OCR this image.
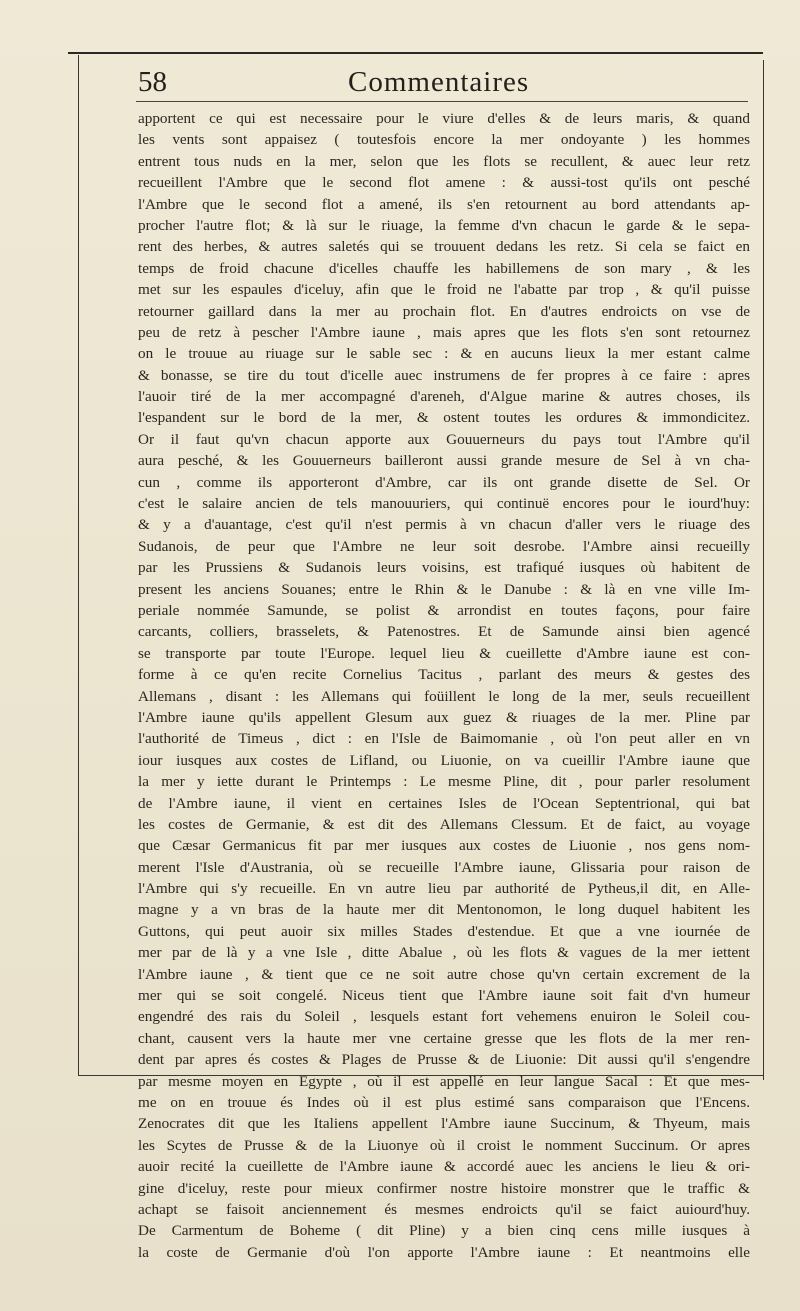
58	Commentaires
apportent ce qui est necessaire pour le viure d'elles & de leurs maris, & quand
les vents sont appaisez ( toutesfois encore la mer ondoyante ) les hommes
entrent tous nuds en la mer, selon que les flots se recullent, & auec leur retz
recueillent l'Ambre que le second flot amene : & aussi-tost qu'ils ont pesché
l'Ambre que le second flot a amené, ils s'en retournent au bord attendants ap-
procher l'autre flot; & là sur le riuage, la femme d'vn chacun le garde & le sepa-
rent des herbes, & autres saletés qui se trouuent dedans les retz. Si cela se faict en
temps de froid chacune d'icelles chauffe les habillemens de son mary , & les
met sur les espaules d'iceluy, afin que le froid ne l'abatte par trop , & qu'il puisse
retourner gaillard dans la mer au prochain flot. En d'autres endroicts on vse de
peu de retz à pescher l'Ambre iaune , mais apres que les flots s'en sont retournez
on le trouue au riuage sur le sable sec : & en aucuns lieux la mer estant calme
& bonasse, se tire du tout d'icelle auec instrumens de fer propres à ce faire : apres
l'auoir tiré de la mer accompagné d'areneh, d'Algue marine & autres choses, ils
l'espandent sur le bord de la mer, & ostent toutes les ordures & immondicitez.
Or il faut qu'vn chacun apporte aux Gouuerneurs du pays tout l'Ambre qu'il
aura pesché, & les Gouuerneurs bailleront aussi grande mesure de Sel à vn cha-
cun , comme ils apporteront d'Ambre, car ils ont grande disette de Sel. Or
c'est le salaire ancien de tels manouuriers, qui continuë encores pour le iourd'huy:
& y a d'auantage, c'est qu'il n'est permis à vn chacun d'aller vers le riuage des
Sudanois, de peur que l'Ambre ne leur soit desrobe. l'Ambre ainsi recueilly
par les Prussiens & Sudanois leurs voisins, est trafiqué iusques où habitent de
present les anciens Souanes; entre le Rhin & le Danube : & là en vne ville Im-
periale nommée Samunde, se polist & arrondist en toutes façons, pour faire
carcants, colliers, brasselets, & Patenostres. Et de Samunde ainsi bien agencé
se transporte par toute l'Europe. lequel lieu & cueillette d'Ambre iaune est con-
forme à ce qu'en recite Cornelius Tacitus , parlant des meurs & gestes des
Allemans , disant : les Allemans qui foüillent le long de la mer, seuls recueillent
l'Ambre iaune qu'ils appellent Glesum aux guez & riuages de la mer. Pline par
l'authorité de Timeus , dict : en l'Isle de Baimomanie , où l'on peut aller en vn
iour iusques aux costes de Lifland, ou Liuonie, on va cueillir l'Ambre iaune que
la mer y iette durant le Printemps : Le mesme Pline, dit , pour parler resolument
de l'Ambre iaune, il vient en certaines Isles de l'Ocean Septentrional, qui bat
les costes de Germanie, & est dit des Allemans Clessum. Et de faict, au voyage
que Cæsar Germanicus fit par mer iusques aux costes de Liuonie , nos gens nom-
merent l'Isle d'Austrania, où se recueille l'Ambre iaune, Glissaria pour raison de
l'Ambre qui s'y recueille. En vn autre lieu par authorité de Pytheus,il dit, en Alle-
magne y a vn bras de la haute mer dit Mentonomon, le long duquel habitent les
Guttons, qui peut auoir six milles Stades d'estendue. Et que a vne iournée de
mer par de là y a vne Isle , ditte Abalue , où les flots & vagues de la mer iettent
l'Ambre iaune , & tient que ce ne soit autre chose qu'vn certain excrement de la
mer qui se soit congelé. Niceus tient que l'Ambre iaune soit fait d'vn humeur
engendré des rais du Soleil , lesquels estant fort vehemens enuiron le Soleil cou-
chant, causent vers la haute mer vne certaine gresse que les flots de la mer ren-
dent par apres és costes & Plages de Prusse & de Liuonie: Dit aussi qu'il s'engendre
par mesme moyen en Egypte , où il est appellé en leur langue Sacal : Et que mes-
me on en trouue és Indes où il est plus estimé sans comparaison que l'Encens.
Zenocrates dit que les Italiens appellent l'Ambre iaune Succinum, & Thyeum, mais
les Scytes de Prusse & de la Liuonye où il croist le nomment Succinum. Or apres
auoir recité la cueillette de l'Ambre iaune & accordé auec les anciens le lieu & ori-
gine d'iceluy, reste pour mieux confirmer nostre histoire monstrer que le traffic &
achapt se faisoit anciennement és mesmes endroicts qu'il se faict auiourd'huy.
De Carmentum de Boheme ( dit Pline) y a bien cinq cens mille iusques à
la coste de Germanie d'où l'on apporte l'Ambre iaune : Et neantmoins elle
